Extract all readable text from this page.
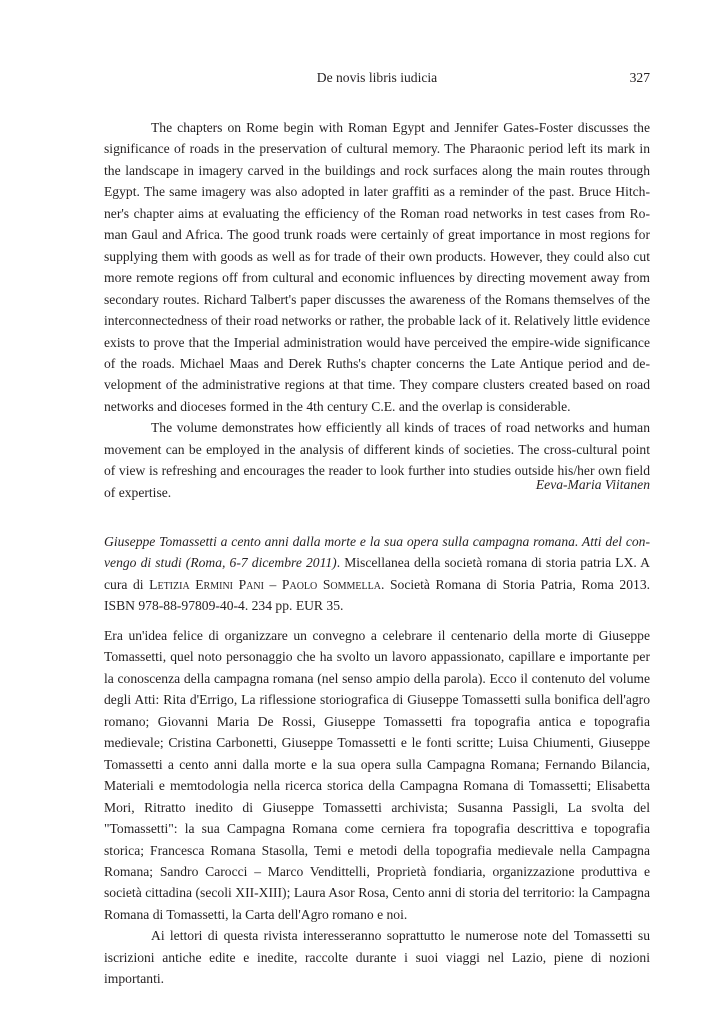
De novis libris iudicia	327

The chapters on Rome begin with Roman Egypt and Jennifer Gates-Foster discusses the significance of roads in the preservation of cultural memory. The Pharaonic period left its mark in the landscape in imagery carved in the buildings and rock surfaces along the main routes through Egypt. The same imagery was also adopted in later graffiti as a reminder of the past. Bruce Hitchner's chapter aims at evaluating the efficiency of the Roman road networks in test cases from Roman Gaul and Africa. The good trunk roads were certainly of great importance in most regions for supplying them with goods as well as for trade of their own products. However, they could also cut more remote regions off from cultural and economic influences by directing movement away from secondary routes. Richard Talbert's paper discusses the awareness of the Romans themselves of the interconnectedness of their road networks or rather, the probable lack of it. Relatively little evidence exists to prove that the Imperial administration would have perceived the empire-wide significance of the roads. Michael Maas and Derek Ruths's chapter concerns the Late Antique period and development of the administrative regions at that time. They compare clusters created based on road networks and dioceses formed in the 4th century C.E. and the overlap is considerable.

The volume demonstrates how efficiently all kinds of traces of road networks and human movement can be employed in the analysis of different kinds of societies. The cross-cultural point of view is refreshing and encourages the reader to look further into studies outside his/her own field of expertise.

Eeva-Maria Viitanen

Giuseppe Tomassetti a cento anni dalla morte e la sua opera sulla campagna romana. Atti del convengo di studi (Roma, 6-7 dicembre 2011). Miscellanea della società romana di storia patria LX. A cura di Letizia Ermini Pani – Paolo Sommella. Società Romana di Storia Patria, Roma 2013. ISBN 978-88-97809-40-4. 234 pp. EUR 35.

Era un'idea felice di organizzare un convegno a celebrare il centenario della morte di Giuseppe Tomassetti, quel noto personaggio che ha svolto un lavoro appassionato, capillare e importante per la conoscenza della campagna romana (nel senso ampio della parola). Ecco il contenuto del volume degli Atti: Rita d'Errigo, La riflessione storiografica di Giuseppe Tomassetti sulla bonifica dell'agro romano; Giovanni Maria De Rossi, Giuseppe Tomassetti fra topografia antica e topografia medievale; Cristina Carbonetti, Giuseppe Tomassetti e le fonti scritte; Luisa Chiumenti, Giuseppe Tomassetti a cento anni dalla morte e la sua opera sulla Campagna Romana; Fernando Bilancia, Materiali e memtodologia nella ricerca storica della Campagna Romana di Tomassetti; Elisabetta Mori, Ritratto inedito di Giuseppe Tomassetti archivista; Susanna Passigli, La svolta del "Tomassetti": la sua Campagna Romana come cerniera fra topografia descrittiva e topografia storica; Francesca Romana Stasolla, Temi e metodi della topografia medievale nella Campagna Romana; Sandro Carocci – Marco Vendittelli, Proprietà fondiaria, organizzazione produttiva e società cittadina (secoli XII-XIII); Laura Asor Rosa, Cento anni di storia del territorio: la Campagna Romana di Tomassetti, la Carta dell'Agro romano e noi.

Ai lettori di questa rivista interesseranno soprattutto le numerose note del Tomassetti su iscrizioni antiche edite e inedite, raccolte durante i suoi viaggi nel Lazio, piene di nozioni importanti.
